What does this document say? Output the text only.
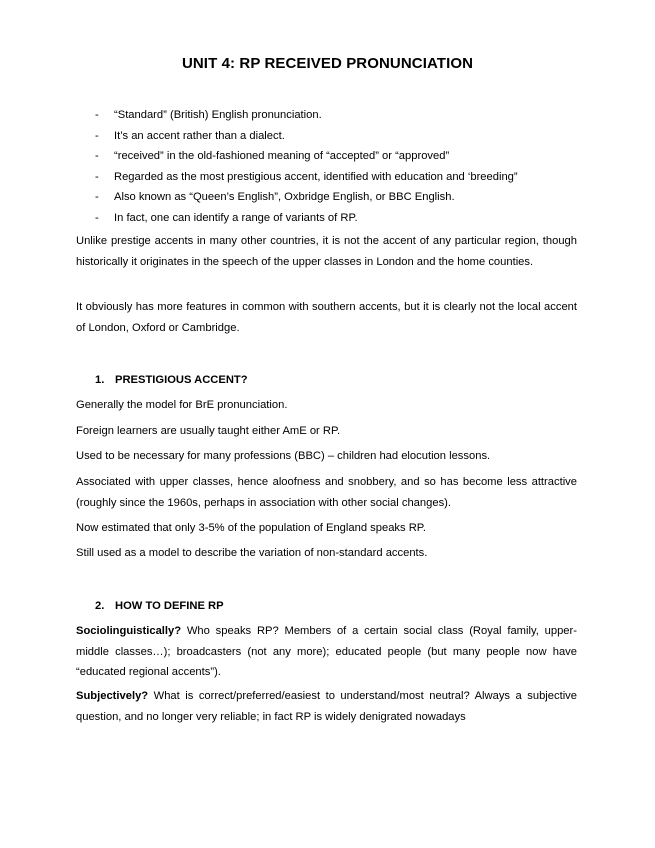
UNIT 4: RP RECEIVED PRONUNCIATION
- “Standard” (British) English pronunciation.
- It’s an accent rather than a dialect.
- “received” in the old-fashioned meaning of “accepted” or “approved”
- Regarded as the most prestigious accent, identified with education and ‘breeding”
- Also known as “Queen’s English”, Oxbridge English, or BBC English.
- In fact, one can identify a range of variants of RP.

Unlike prestige accents in many other countries, it is not the accent of any particular region, though historically it originates in the speech of the upper classes in London and the home counties.

It obviously has more features in common with southern accents, but it is clearly not the local accent of London, Oxford or Cambridge.

1. PRESTIGIOUS ACCENT?

Generally the model for BrE pronunciation.

Foreign learners are usually taught either AmE or RP.

Used to be necessary for many professions (BBC) – children had elocution lessons.

Associated with upper classes, hence aloofness and snobbery, and so has become less attractive (roughly since the 1960s, perhaps in association with other social changes).

Now estimated that only 3-5% of the population of England speaks RP.

Still used as a model to describe the variation of non-standard accents.

2. HOW TO DEFINE RP

Sociolinguistically? Who speaks RP? Members of a certain social class (Royal family, upper-middle classes…); broadcasters (not any more); educated people (but many people now have “educated regional accents”).

Subjectively? What is correct/preferred/easiest to understand/most neutral? Always a subjective question, and no longer very reliable; in fact RP is widely denigrated nowadays
